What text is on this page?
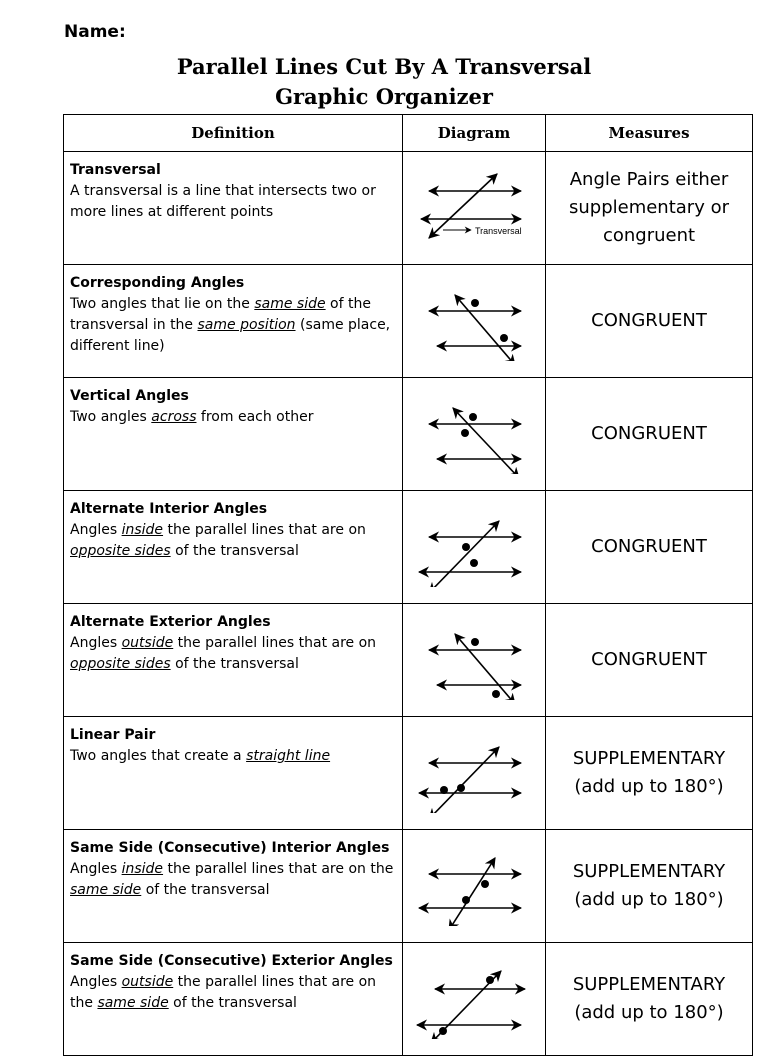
Name:
Parallel Lines Cut By A Transversal
Graphic Organizer
Definition	Diagram	Measures

Transversal
A transversal is a line that intersects two or more lines at different points	Transversal	Angle Pairs either
supplementary or
congruent

Corresponding Angles
Two angles that lie on the same side of the transversal in the same position (same place, different line)		CONGRUENT

Vertical Angles
Two angles across from each other		CONGRUENT

Alternate Interior Angles
Angles inside the parallel lines that are on opposite sides of the transversal		CONGRUENT

Alternate Exterior Angles
Angles outside the parallel lines that are on opposite sides of the transversal		CONGRUENT

Linear Pair
Two angles that create a straight line		SUPPLEMENTARY
(add up to 180°)

Same Side (Consecutive) Interior Angles
Angles inside the parallel lines that are on the same side of the transversal		SUPPLEMENTARY
(add up to 180°)

Same Side (Consecutive) Exterior Angles
Angles outside the parallel lines that are on the same side of the transversal		SUPPLEMENTARY
(add up to 180°)
